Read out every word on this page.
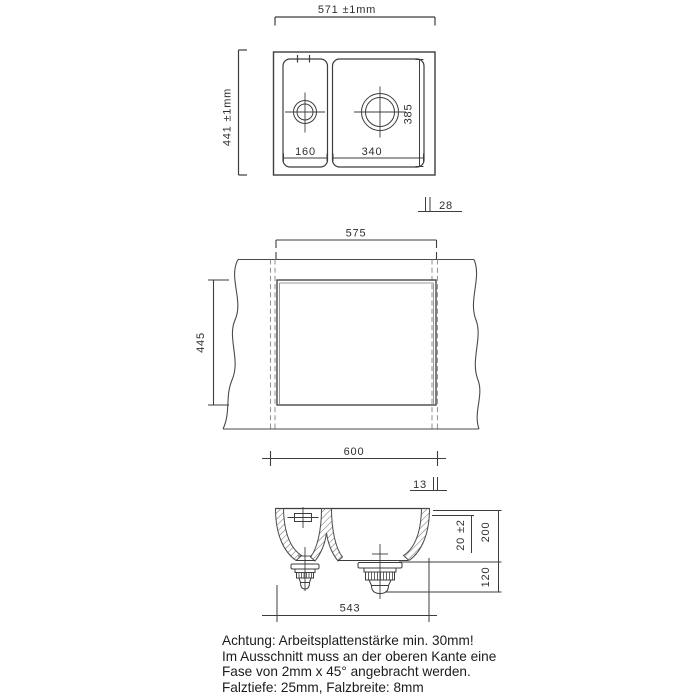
571 ±1mm
441 ±1mm
160	340
385
28
575
445
600
13
20 ±2 200
120
543
Achtung: Arbeitsplattenstärke min. 30mm!
Im Ausschnitt muss an der oberen Kante eine
Fase von 2mm x 45° angebracht werden.
Falztiefe: 25mm, Falzbreite: 8mm
